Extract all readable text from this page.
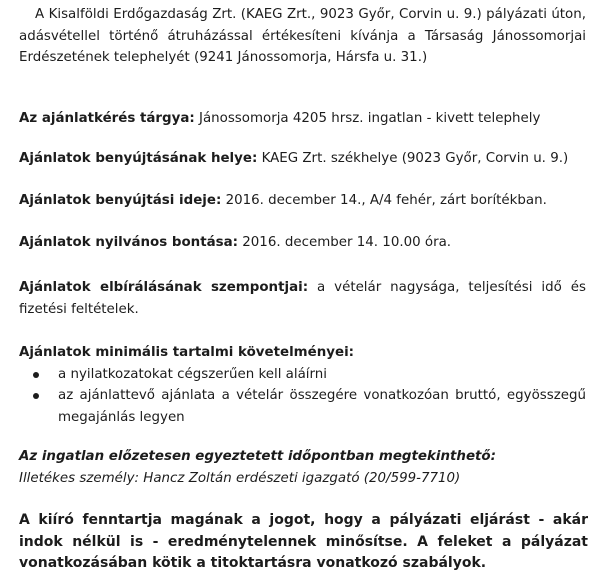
A Kisalföldi Erdőgazdaság Zrt. (KAEG Zrt., 9023 Győr, Corvin u. 9.) pályázati úton, adásvétellel történő átruházással értékesíteni kívánja a Társaság Jánossomorjai Erdészetének telephelyét (9241 Jánossomorja, Hársfa u. 31.)

Az ajánlatkérés tárgya: Jánossomorja 4205 hrsz. ingatlan - kivett telephely

Ajánlatok benyújtásának helye: KAEG Zrt. székhelye (9023 Győr, Corvin u. 9.)

Ajánlatok benyújtási ideje: 2016. december 14., A/4 fehér, zárt borítékban.

Ajánlatok nyilvános bontása: 2016. december 14. 10.00 óra.

Ajánlatok elbírálásának szempontjai: a vételár nagysága, teljesítési idő és fizetési feltételek.

Ajánlatok minimális tartalmi követelményei:

a nyilatkozatokat cégszerűen kell aláírni
az ajánlattevő ajánlata a vételár összegére vonatkozóan bruttó, egyösszegű megajánlás legyen

Az ingatlan előzetesen egyeztetett időpontban megtekinthető:

Illetékes személy: Hancz Zoltán erdészeti igazgató (20/599-7710)

A kiíró fenntartja magának a jogot, hogy a pályázati eljárást - akár indok nélkül is - eredménytelennek minősítse. A feleket a pályázat vonatkozásában kötik a titoktartásra vonatkozó szabályok.
